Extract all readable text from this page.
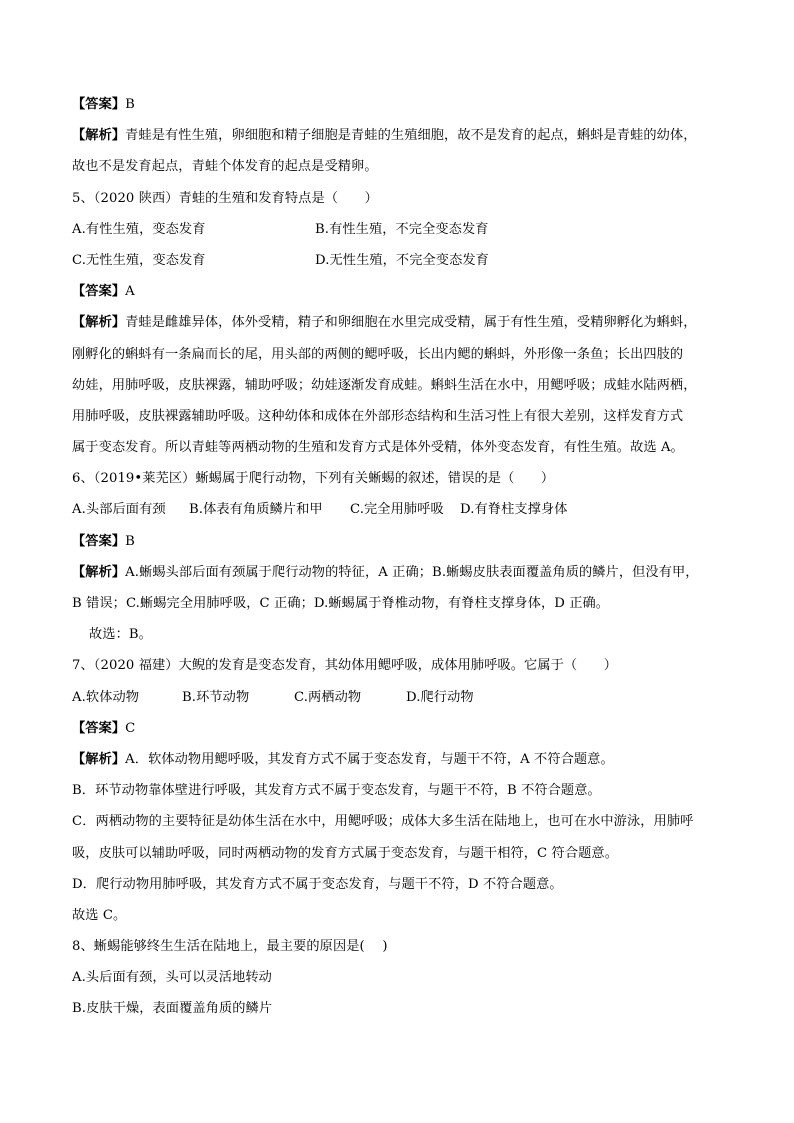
【答案】B
【解析】青蛙是有性生殖，卵细胞和精子细胞是青蛙的生殖细胞，故不是发育的起点，蝌蚪是青蛙的幼体，
故也不是发育起点，青蛙个体发育的起点是受精卵。
5、（2020 陕西）青蛙的生殖和发育特点是（　　）
A.有性生殖，变态发育	B.有性生殖，不完全变态发育
C.无性生殖，变态发育	D.无性生殖，不完全变态发育
【答案】A
【解析】青蛙是雌雄异体，体外受精，精子和卵细胞在水里完成受精，属于有性生殖，受精卵孵化为蝌蚪，
刚孵化的蝌蚪有一条扁而长的尾，用头部的两侧的鳃呼吸，长出内鳃的蝌蚪，外形像一条鱼；长出四肢的
幼娃，用肺呼吸，皮肤裸露，辅助呼吸；幼娃逐渐发育成蛙。蝌蚪生活在水中，用鳃呼吸；成蛙水陆两栖，
用肺呼吸，皮肤裸露辅助呼吸。这种幼体和成体在外部形态结构和生活习性上有很大差别，这样发育方式
属于变态发育。所以青蛙等两栖动物的生殖和发育方式是体外受精，体外变态发育，有性生殖。故选 A。
6、（2019•莱芜区）蜥蜴属于爬行动物，下列有关蜥蜴的叙述，错误的是（　　）
A.头部后面有颈	B.体表有角质鳞片和甲	C.完全用肺呼吸	D.有脊柱支撑身体
【答案】B
【解析】A.蜥蜴头部后面有颈属于爬行动物的特征，A 正确；B.蜥蜴皮肤表面覆盖角质的鳞片，但没有甲，
B 错误；C.蜥蜴完全用肺呼吸，C 正确；D.蜥蜴属于脊椎动物，有脊柱支撑身体，D 正确。
故选：B。
7、（2020 福建）大鲵的发育是变态发育，其幼体用鳃呼吸，成体用肺呼吸。它属于（　　）
A.软体动物	B.环节动物	C.两栖动物	D.爬行动物
【答案】C
【解析】A．软体动物用鳃呼吸，其发育方式不属于变态发育，与题干不符，A 不符合题意。
B．环节动物靠体壁进行呼吸，其发育方式不属于变态发育，与题干不符，B 不符合题意。
C．两栖动物的主要特征是幼体生活在水中，用鳃呼吸；成体大多生活在陆地上，也可在水中游泳，用肺呼
吸，皮肤可以辅助呼吸，同时两栖动物的发育方式属于变态发育，与题干相符，C 符合题意。
D．爬行动物用肺呼吸，其发育方式不属于变态发育，与题干不符，D 不符合题意。
故选 C。
8、蜥蜴能够终生生活在陆地上，最主要的原因是(　 )
A.头后面有颈，头可以灵活地转动
B.皮肤干燥，表面覆盖角质的鳞片
